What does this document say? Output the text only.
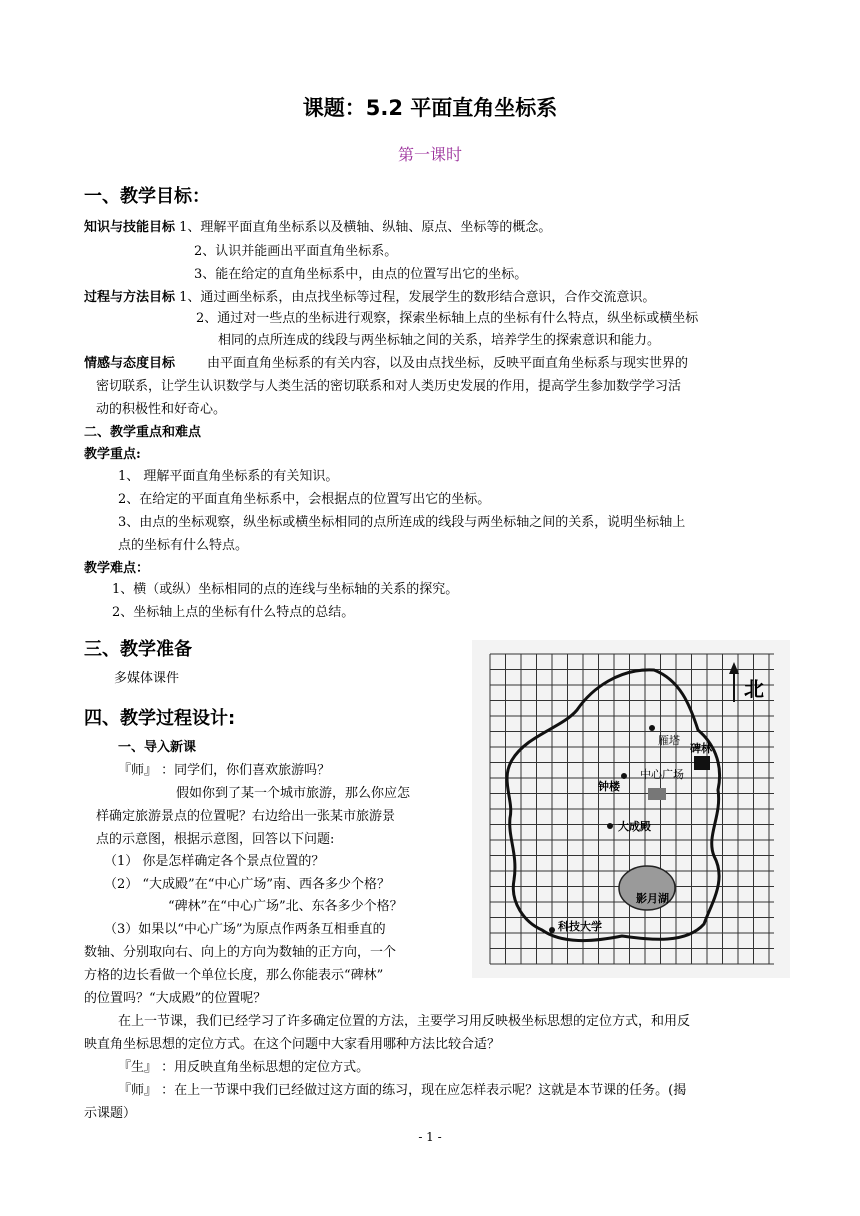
课题：5.2 平面直角坐标系
第一课时
一、教学目标：
知识与技能目标 1、理解平面直角坐标系以及横轴、纵轴、原点、坐标等的概念。
2、认识并能画出平面直角坐标系。
3、能在给定的直角坐标系中，由点的位置写出它的坐标。
过程与方法目标 1、通过画坐标系，由点找坐标等过程，发展学生的数形结合意识，合作交流意识。
2、通过对一些点的坐标进行观察，探索坐标轴上点的坐标有什么特点，纵坐标或横坐标
相同的点所连成的线段与两坐标轴之间的关系，培养学生的探索意识和能力。
情感与态度目标 由平面直角坐标系的有关内容，以及由点找坐标，反映平面直角坐标系与现实世界的
密切联系，让学生认识数学与人类生活的密切联系和对人类历史发展的作用，提高学生参加数学学习活
动的积极性和好奇心。
二、教学重点和难点
教学重点:
1、 理解平面直角坐标系的有关知识。
2、在给定的平面直角坐标系中，会根据点的位置写出它的坐标。
3、由点的坐标观察，纵坐标或横坐标相同的点所连成的线段与两坐标轴之间的关系，说明坐标轴上
点的坐标有什么特点。
教学难点：
1、横（或纵）坐标相同的点的连线与坐标轴的关系的探究。
2、坐标轴上点的坐标有什么特点的总结。
三、教学准备
多媒体课件
四、教学过程设计:
一、导入新课
『师』 ：同学们，你们喜欢旅游吗？
假如你到了某一个城市旅游，那么你应怎
样确定旅游景点的位置呢？右边给出一张某市旅游景
点的示意图，根据示意图，回答以下问题:
（1） 你是怎样确定各个景点位置的？
（2） “大成殿”在“中心广场”南、西各多少个格？
“碑林”在“中心广场”北、东各多少个格？
（3）如果以“中心广场”为原点作两条互相垂直的
数轴、分别取向右、向上的方向为数轴的正方向，一个
方格的边长看做一个单位长度，那么你能表示“碑林”
的位置吗？“大成殿”的位置呢？
在上一节课，我们已经学习了许多确定位置的方法，主要学习用反映极坐标思想的定位方式，和用反
映直角坐标思想的定位方式。在这个问题中大家看用哪种方法比较合适？
『生』 ：用反映直角坐标思想的定位方式。
『师』 ：在上一节课中我们已经做过这方面的练习，现在应怎样表示呢？这就是本节课的任务。(揭
示课题）
北
雁塔
碑林
中心广场
钟楼
大成殿
影月湖
科技大学
- 1 -
